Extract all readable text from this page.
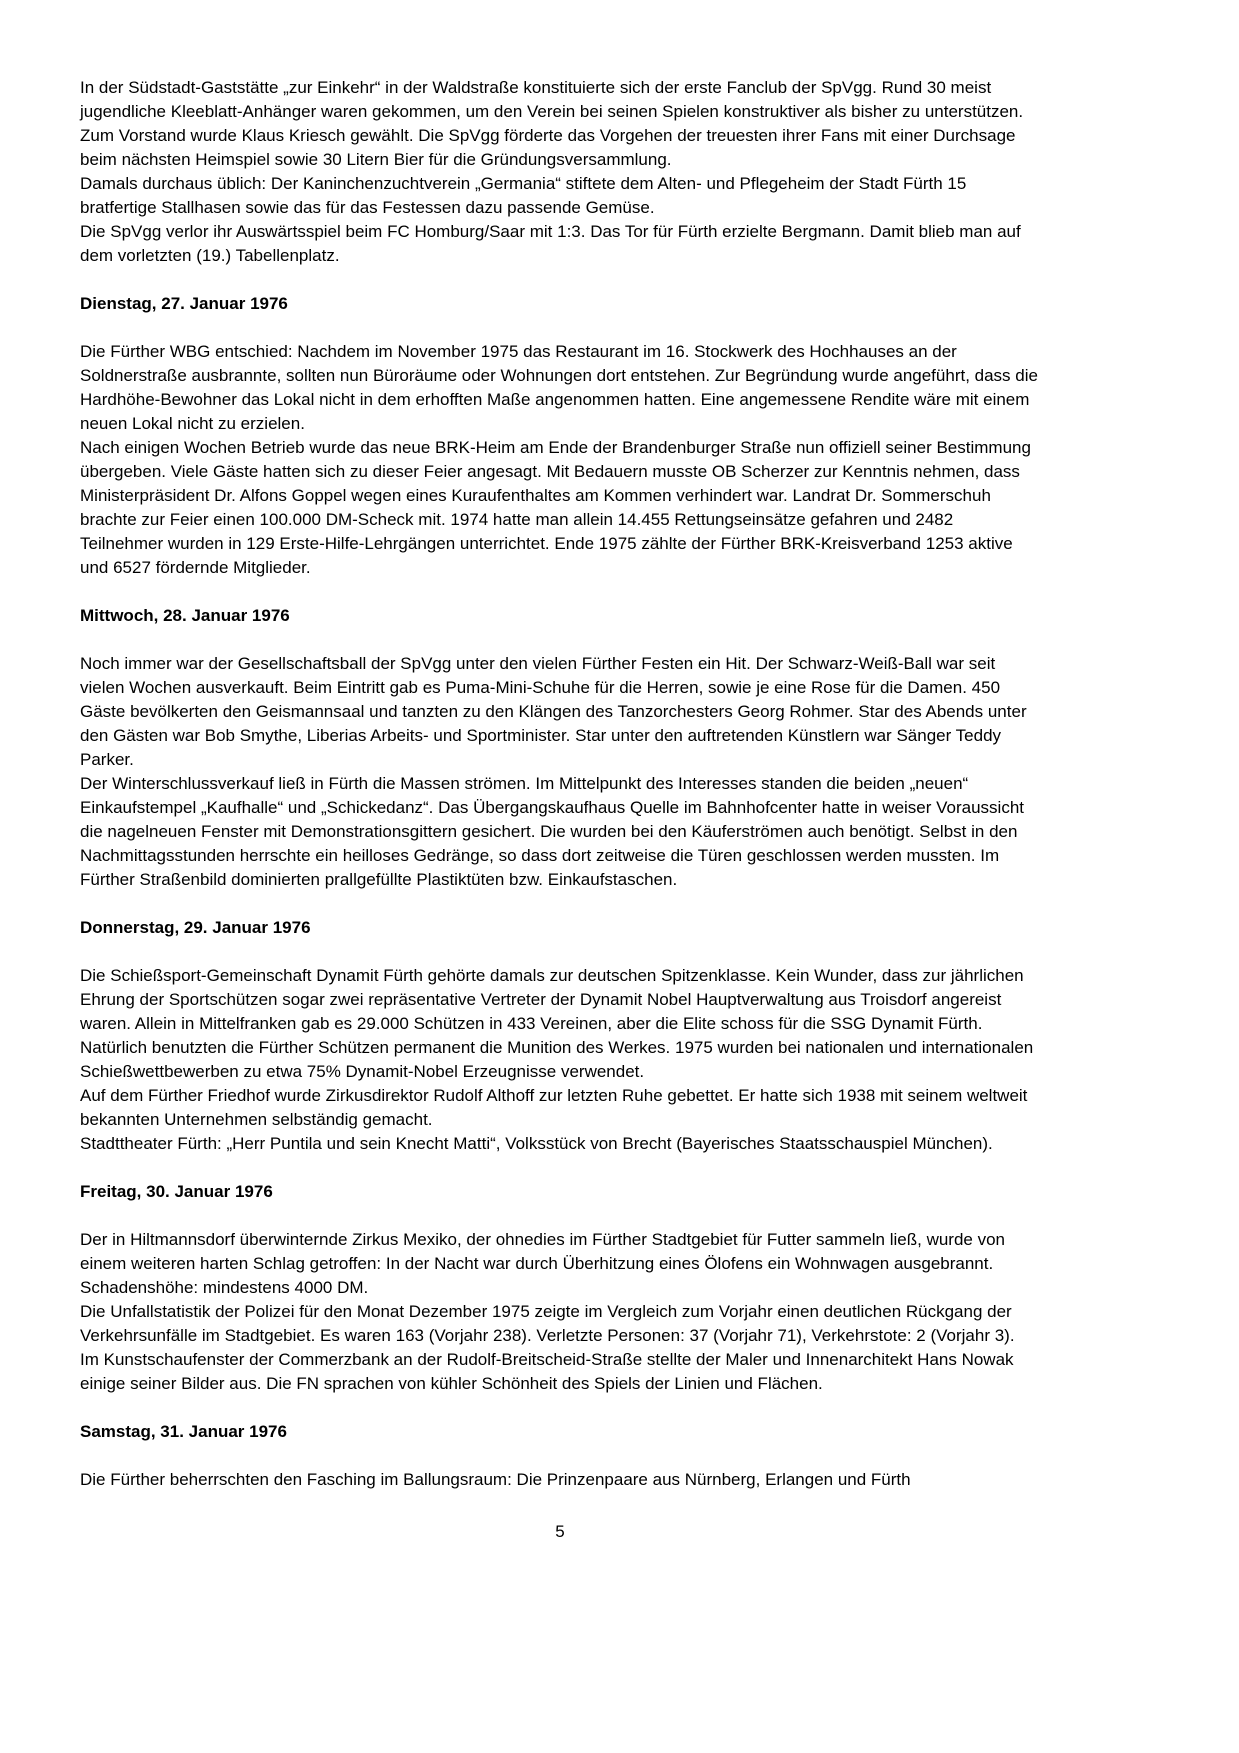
In der Südstadt-Gaststätte „zur Einkehr“ in der Waldstraße konstituierte sich der erste Fanclub der SpVgg. Rund 30 meist jugendliche Kleeblatt-Anhänger waren gekommen, um den Verein bei seinen Spielen konstruktiver als bisher zu unterstützen. Zum Vorstand wurde Klaus Kriesch gewählt. Die SpVgg förderte das Vorgehen der treuesten ihrer Fans mit einer Durchsage beim nächsten Heimspiel sowie 30 Litern Bier für die Gründungsversammlung.

Damals durchaus üblich: Der Kaninchenzuchtverein „Germania“ stiftete dem Alten- und Pflegeheim der Stadt Fürth 15 bratfertige Stallhasen sowie das für das Festessen dazu passende Gemüse.

Die SpVgg verlor ihr Auswärtsspiel beim FC Homburg/Saar mit 1:3. Das Tor für Fürth erzielte Bergmann. Damit blieb man auf dem vorletzten (19.) Tabellenplatz.

Dienstag, 27. Januar 1976

Die Fürther WBG entschied: Nachdem im November 1975 das Restaurant im 16. Stockwerk des Hochhauses an der Soldnerstraße ausbrannte, sollten nun Büroräume oder Wohnungen dort entstehen. Zur Begründung wurde angeführt, dass die Hardhöhe-Bewohner das Lokal nicht in dem erhofften Maße angenommen hatten. Eine angemessene Rendite wäre mit einem neuen Lokal nicht zu erzielen.

Nach einigen Wochen Betrieb wurde das neue BRK-Heim am Ende der Brandenburger Straße nun offiziell seiner Bestimmung übergeben. Viele Gäste hatten sich zu dieser Feier angesagt. Mit Bedauern musste OB Scherzer zur Kenntnis nehmen, dass Ministerpräsident Dr. Alfons Goppel wegen eines Kuraufenthaltes am Kommen verhindert war. Landrat Dr. Sommerschuh brachte zur Feier einen 100.000 DM-Scheck mit. 1974 hatte man allein 14.455 Rettungseinsätze gefahren und 2482 Teilnehmer wurden in 129 Erste-Hilfe-Lehrgängen unterrichtet. Ende 1975 zählte der Fürther BRK-Kreisverband 1253 aktive und 6527 fördernde Mitglieder.

Mittwoch, 28. Januar 1976

Noch immer war der Gesellschaftsball der SpVgg unter den vielen Fürther Festen ein Hit. Der Schwarz-Weiß-Ball war seit vielen Wochen ausverkauft. Beim Eintritt gab es Puma-Mini-Schuhe für die Herren, sowie je eine Rose für die Damen. 450 Gäste bevölkerten den Geismannsaal und tanzten zu den Klängen des Tanzorchesters Georg Rohmer. Star des Abends unter den Gästen war Bob Smythe, Liberias Arbeits- und Sportminister. Star unter den auftretenden Künstlern war Sänger Teddy Parker.

Der Winterschlussverkauf ließ in Fürth die Massen strömen. Im Mittelpunkt des Interesses standen die beiden „neuen“ Einkaufstempel „Kaufhalle“ und „Schickedanz“. Das Übergangskaufhaus Quelle im Bahnhofcenter hatte in weiser Voraussicht die nagelneuen Fenster mit Demonstrationsgittern gesichert. Die wurden bei den Käuferströmen auch benötigt. Selbst in den Nachmittagsstunden herrschte ein heilloses Gedränge, so dass dort zeitweise die Türen geschlossen werden mussten. Im Fürther Straßenbild dominierten prallgefüllte Plastiktüten bzw. Einkaufstaschen.

Donnerstag, 29. Januar 1976

Die Schießsport-Gemeinschaft Dynamit Fürth gehörte damals zur deutschen Spitzenklasse. Kein Wunder, dass zur jährlichen Ehrung der Sportschützen sogar zwei repräsentative Vertreter der Dynamit Nobel Hauptverwaltung aus Troisdorf angereist waren. Allein in Mittelfranken gab es 29.000 Schützen in 433 Vereinen, aber die Elite schoss für die SSG Dynamit Fürth. Natürlich benutzten die Fürther Schützen permanent die Munition des Werkes. 1975 wurden bei nationalen und internationalen Schießwettbewerben zu etwa 75% Dynamit-Nobel Erzeugnisse verwendet.

Auf dem Fürther Friedhof wurde Zirkusdirektor Rudolf Althoff zur letzten Ruhe gebettet. Er hatte sich 1938 mit seinem weltweit bekannten Unternehmen selbständig gemacht.

Stadttheater Fürth: „Herr Puntila und sein Knecht Matti“, Volksstück von Brecht (Bayerisches Staatsschauspiel München).

Freitag, 30. Januar 1976

Der in Hiltmannsdorf überwinternde Zirkus Mexiko, der ohnedies im Fürther Stadtgebiet für Futter sammeln ließ, wurde von einem weiteren harten Schlag getroffen: In der Nacht war durch Überhitzung eines Ölofens ein Wohnwagen ausgebrannt. Schadenshöhe: mindestens 4000 DM.

Die Unfallstatistik der Polizei für den Monat Dezember 1975 zeigte im Vergleich zum Vorjahr einen deutlichen Rückgang der Verkehrsunfälle im Stadtgebiet. Es waren 163 (Vorjahr 238). Verletzte Personen: 37 (Vorjahr 71), Verkehrstote: 2 (Vorjahr 3).

Im Kunstschaufenster der Commerzbank an der Rudolf-Breitscheid-Straße stellte der Maler und Innenarchitekt Hans Nowak einige seiner Bilder aus. Die FN sprachen von kühler Schönheit des Spiels der Linien und Flächen.

Samstag, 31. Januar 1976

Die Fürther beherrschten den Fasching im Ballungsraum: Die Prinzenpaare aus Nürnberg, Erlangen und Fürth

5
